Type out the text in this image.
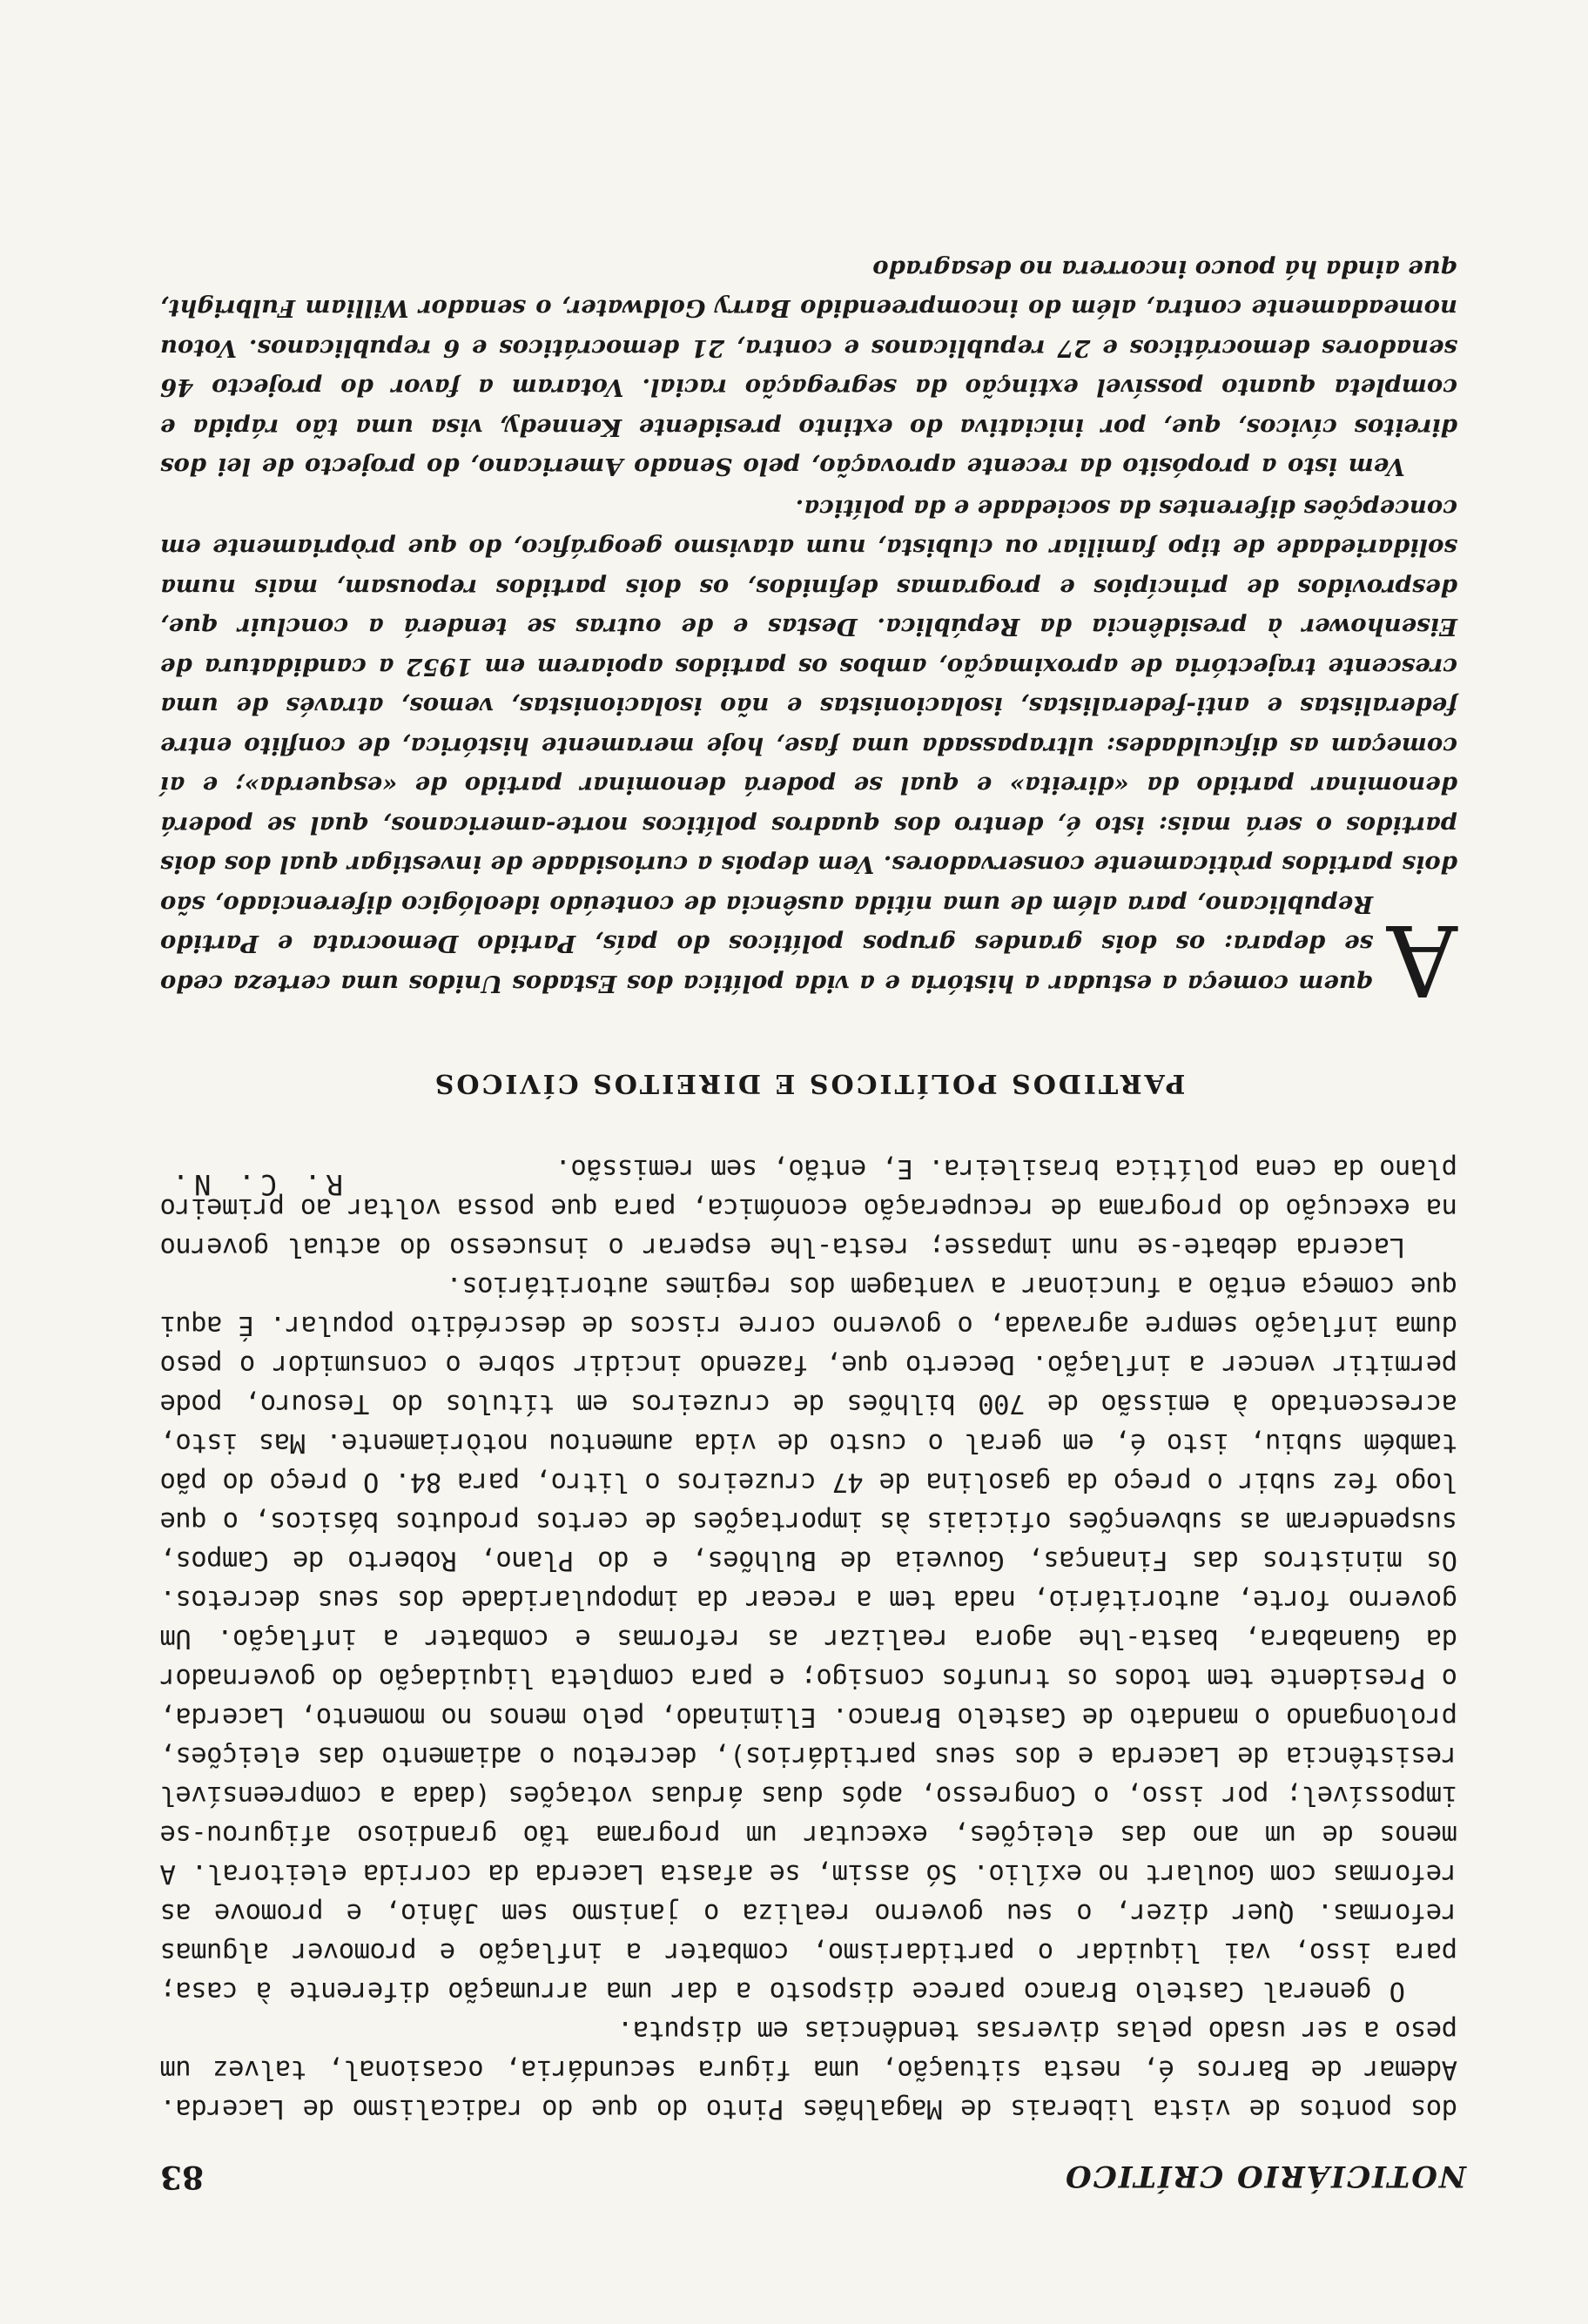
NOTICIÁRIO CRÍTICO
83

dos pontos de vista liberais de Magalhães Pinto do que do radicalismo de Lacerda. Ademar de Barros é, nesta situação, uma figura secundária, ocasional, talvez um peso a ser usado pelas diversas tendências em disputa.

O general Castelo Branco parece disposto a dar uma arrumação diferente à casa; para isso, vai liquidar o partidarismo, combater a inflação e promover algumas reformas. Quer dizer, o seu governo realiza o janismo sem Jânio, e promove as reformas com Goulart no exílio. Só assim, se afasta Lacerda da corrida eleitoral. A menos de um ano das eleições, executar um programa tão grandioso afigurou-se impossível; por isso, o Congresso, após duas árduas votações (dada a compreensível resistência de Lacerda e dos seus partidários), decretou o adiamento das eleições, prolongando o mandato de Castelo Branco. Eliminado, pelo menos no momento, Lacerda, o Presidente tem todos os trunfos consigo; e para completa liquidação do governador da Guanabara, basta-lhe agora realizar as reformas e combater a inflação. Um governo forte, autoritário, nada tem a recear da impopularidade dos seus decretos. Os ministros das Finanças, Gouveia de Bulhões, e do Plano, Roberto de Campos, suspenderam as subvenções oficiais às importações de certos produtos básicos, o que logo fez subir o preço da gasolina de 47 cruzeiros o litro, para 84. O preço do pão também subiu, isto é, em geral o custo de vida aumentou notòriamente. Mas isto, acrescentado à emissão de 700 bilhões de cruzeiros em títulos do Tesouro, pode permitir vencer a inflação. Decerto que, fazendo incidir sobre o consumidor o peso duma inflação sempre agravada, o governo corre riscos de descrédito popular. É aqui que começa então a funcionar a vantagem dos regimes autoritários.

Lacerda debate-se num impasse; resta-lhe esperar o insucesso do actual governo na execução do programa de recuperação económica, para que possa voltar ao primeiro plano da cena política brasileira. E, então, sem remissão.

R. C. N.
PARTIDOS POLÍTICOS E DIREITOS CÍVICOS

A
quem começa a estudar a história e a vida política dos Estados Unidos uma certeza cedo se depara: os dois grandes grupos políticos do país, Partido Democrata e Partido Republicano, para além de uma nítida ausência de conteúdo ideológico diferenciado, são dois partidos pràticamente conservadores. Vem depois a curiosidade de investigar qual dos dois partidos o será mais: isto é, dentro dos quadros políticos norte-americanos, qual se poderá denominar partido da «direita» e qual se poderá denominar partido de «esquerda»; e aí começam as dificuldades: ultrapassada uma fase, hoje meramente histórica, de conflito entre federalistas e anti-federalistas, isolacionistas e não isolacionistas, vemos, através de uma crescente trajectória de aproximação, ambos os partidos apoiarem em 1952 a candidatura de Eisenhower à presidência da República. Destas e de outras se tenderá a concluir que, desprovidos de princípios e programas definidos, os dois partidos repousam, mais numa solidariedade de tipo familiar ou clubista, num atavismo geográfico, do que pròpriamente em concepções diferentes da sociedade e da política.

Vem isto a propósito da recente aprovação, pelo Senado Americano, do projecto de lei dos direitos cívicos, que, por iniciativa do extinto presidente Kennedy, visa uma tão rápida e completa quanto possível extinção da segregação racial. Votaram a favor do projecto 46 senadores democráticos e 27 republicanos e contra, 21 democráticos e 6 republicanos. Votou nomeadamente contra, além do incompreendido Barry Goldwater, o senador William Fulbright, que ainda há pouco incorrera no desagrado
